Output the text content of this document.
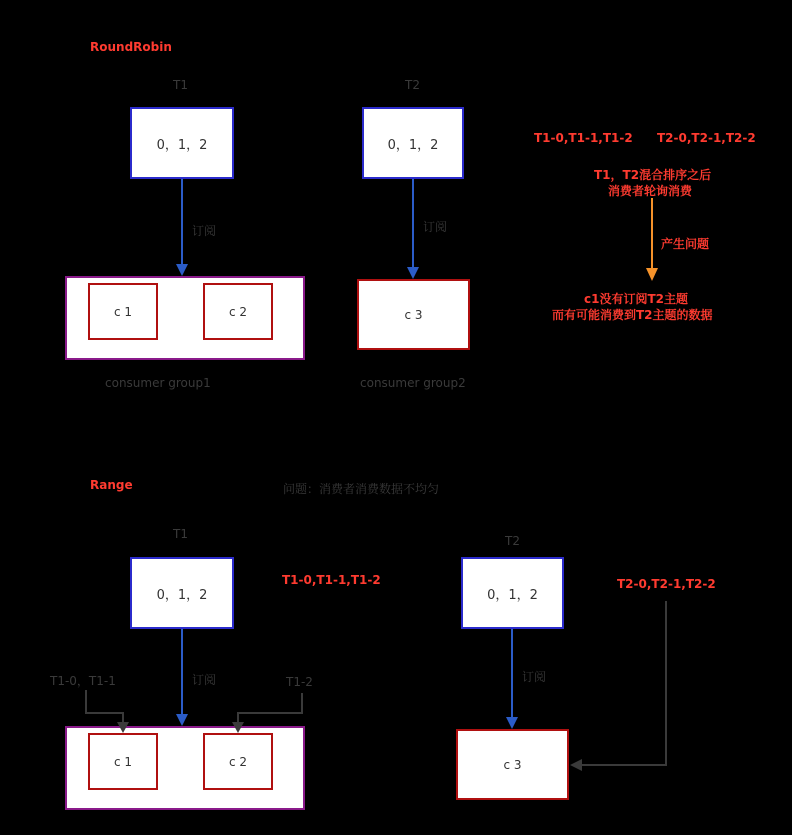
RoundRobin
T1	T2
0，1，2	0，1，2
订阅	订阅
c 1	c 2	c 3
consumer group1	consumer group2
T1-0,T1-1,T1-2 T2-0,T2-1,T2-2
T1，T2混合排序之后
消费者轮询消费
产生问题
c1没有订阅T2主题
而有可能消费到T2主题的数据
Range	问题：消费者消费数据不均匀
T1	T2
0，1，2	0，1，2
T1-0,T1-1,T1-2	T2-0,T2-1,T2-2
订阅	订阅
T1-0，T1-1	T1-2
c 1	c 2	c 3
